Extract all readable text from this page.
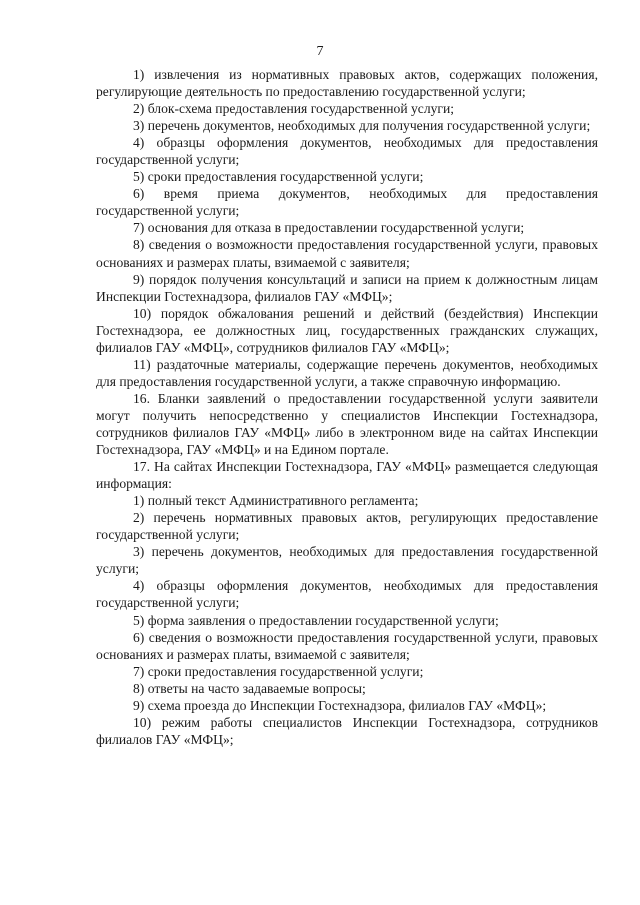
7

1) извлечения из нормативных правовых актов, содержащих положения, регулирующие деятельность по предоставлению государственной услуги;

2) блок-схема предоставления государственной услуги;

3) перечень документов, необходимых для получения государственной услуги;

4) образцы оформления документов, необходимых для предоставления государственной услуги;

5) сроки предоставления государственной услуги;

6) время приема документов, необходимых для предоставления государственной услуги;

7) основания для отказа в предоставлении государственной услуги;

8) сведения о возможности предоставления государственной услуги, правовых основаниях и размерах платы, взимаемой с заявителя;

9) порядок получения консультаций и записи на прием к должностным лицам Инспекции Гостехнадзора, филиалов ГАУ «МФЦ»;

10) порядок обжалования решений и действий (бездействия) Инспекции Гостехнадзора, ее должностных лиц, государственных гражданских служащих, филиалов ГАУ «МФЦ», сотрудников филиалов ГАУ «МФЦ»;

11) раздаточные материалы, содержащие перечень документов, необходимых для предоставления государственной услуги, а также справочную информацию.

16. Бланки заявлений о предоставлении государственной услуги заявители могут получить непосредственно у специалистов Инспекции Гостехнадзора, сотрудников филиалов ГАУ «МФЦ» либо в электронном виде на сайтах Инспекции Гостехнадзора, ГАУ «МФЦ» и на Едином портале.

17. На сайтах Инспекции Гостехнадзора, ГАУ «МФЦ» размещается следующая информация:

1) полный текст Административного регламента;

2) перечень нормативных правовых актов, регулирующих предоставление государственной услуги;

3) перечень документов, необходимых для предоставления государственной услуги;

4) образцы оформления документов, необходимых для предоставления государственной услуги;

5) форма заявления о предоставлении государственной услуги;

6) сведения о возможности предоставления государственной услуги, правовых основаниях и размерах платы, взимаемой с заявителя;

7) сроки предоставления государственной услуги;

8) ответы на часто задаваемые вопросы;

9) схема проезда до Инспекции Гостехнадзора, филиалов ГАУ «МФЦ»;

10) режим работы специалистов Инспекции Гостехнадзора, сотрудников филиалов ГАУ «МФЦ»;
